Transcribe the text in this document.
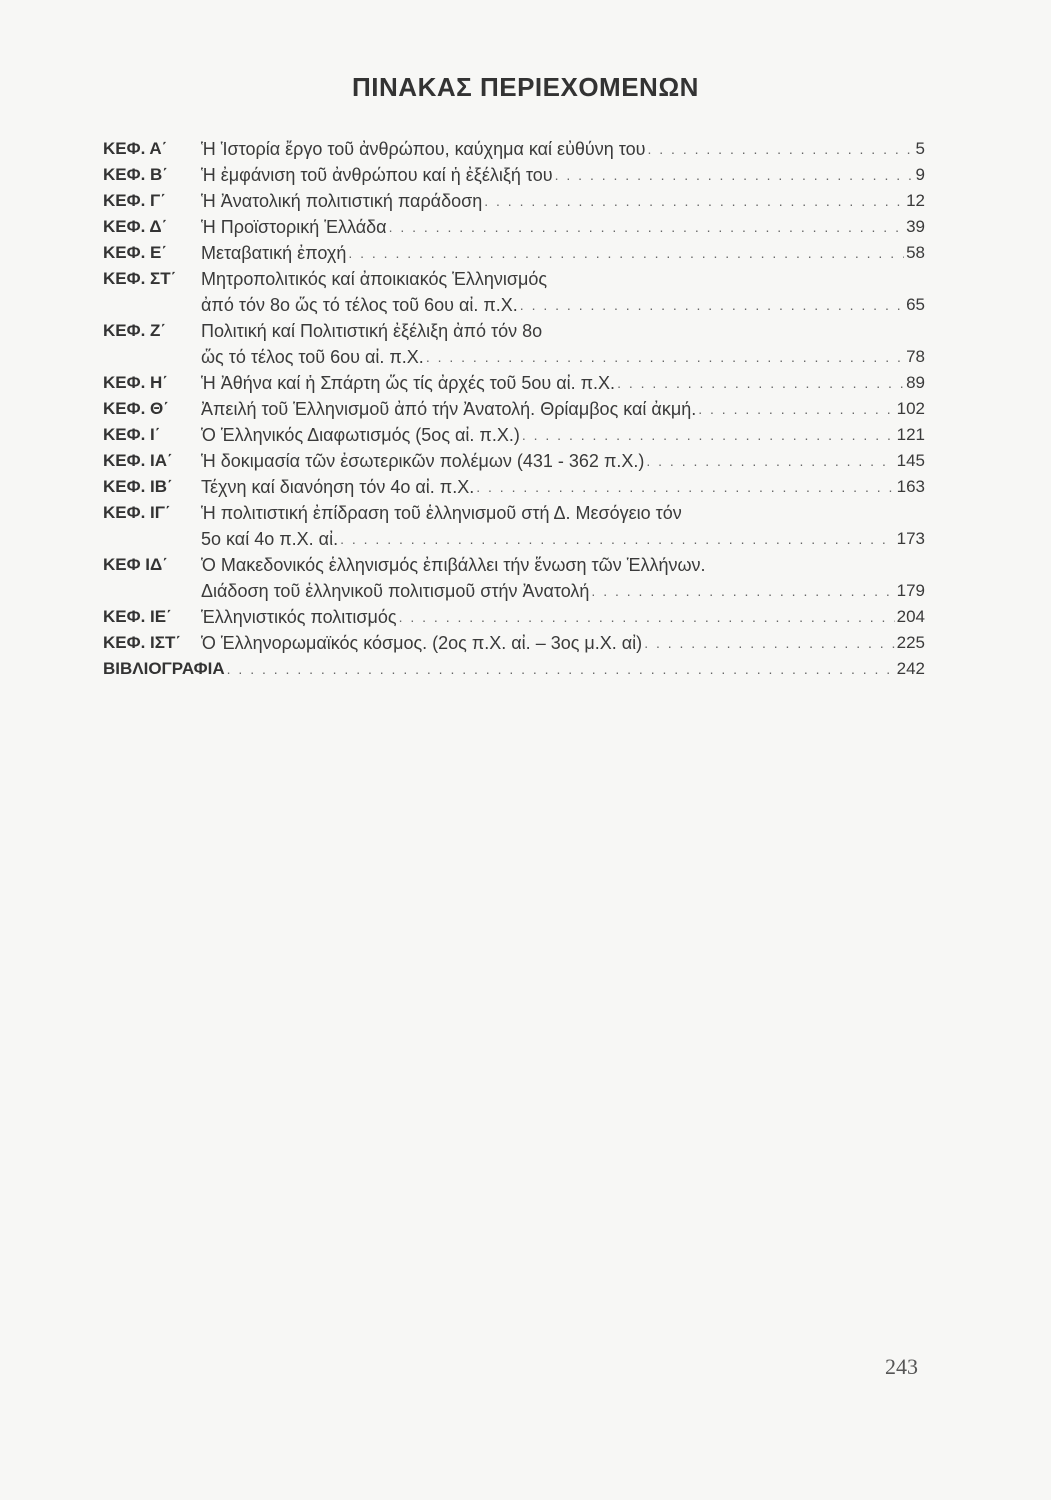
ΠΙΝΑΚΑΣ ΠΕΡΙΕΧΟΜΕΝΩΝ
ΚΕΦ. Α΄	Ἡ Ἱστορία ἔργο τοῦ ἀνθρώπου, καύχημα καί εὐθύνη του . . .	5
ΚΕΦ. Β΄	Ἡ ἐμφάνιση τοῦ ἀνθρώπου καί ἡ ἐξέλιξή του . . .	9
ΚΕΦ. Γ΄	Ἡ Ἀνατολική πολιτιστική παράδοση . . .	12
ΚΕΦ. Δ΄	Ἡ Προϊστορική Ἑλλάδα . . .	39
ΚΕΦ. Ε΄	Μεταβατική ἐποχή . . .	58
ΚΕΦ. ΣΤ΄	Μητροπολιτικός καί ἀποικιακός Ἑλληνισμός
ἀπό τόν 8ο ὥς τό τέλος τοῦ 6ου αἰ. π.Χ. . . .	65
ΚΕΦ. Ζ΄	Πολιτική καί Πολιτιστική ἐξέλιξη ἀπό τόν 8ο
ὥς τό τέλος τοῦ 6ου αἰ. π.Χ. . . .	78
ΚΕΦ. Η΄	Ἡ Ἀθήνα καί ἡ Σπάρτη ὥς τίς ἀρχές τοῦ 5ου αἰ. π.Χ. . . .	89
ΚΕΦ. Θ΄	Ἀπειλή τοῦ Ἑλληνισμοῦ ἀπό τήν Ἀνατολή. Θρίαμβος καί ἀκμή. . . .	102
ΚΕΦ. Ι΄	Ὁ Ἑλληνικός Διαφωτισμός (5ος αἰ. π.Χ.) . . .	121
ΚΕΦ. ΙΑ΄	Ἡ δοκιμασία τῶν ἐσωτερικῶν πολέμων (431 - 362 π.Χ.) . . .	145
ΚΕΦ. ΙΒ΄	Τέχνη καί διανόηση τόν 4ο αἰ. π.Χ. . . .	163
ΚΕΦ. ΙΓ΄	Ἡ πολιτιστική ἐπίδραση τοῦ ἑλληνισμοῦ στή Δ. Μεσόγειο τόν
5ο καί 4ο π.Χ. αἰ. . . .	173
ΚΕΦ ΙΔ΄	Ὁ Μακεδονικός ἑλληνισμός ἐπιβάλλει τήν ἕνωση τῶν Ἑλλήνων.
Διάδοση τοῦ ἑλληνικοῦ πολιτισμοῦ στήν Ἀνατολή . . .	179
ΚΕΦ. ΙΕ΄	Ἑλληνιστικός πολιτισμός . . .	204
ΚΕΦ. ΙΣΤ΄	Ὁ Ἑλληνορωμαϊκός κόσμος. (2ος π.Χ. αἰ. – 3ος μ.Χ. αἰ) . . .	225
ΒΙΒΛΙΟΓΡΑΦΙΑ . . .	242
243
